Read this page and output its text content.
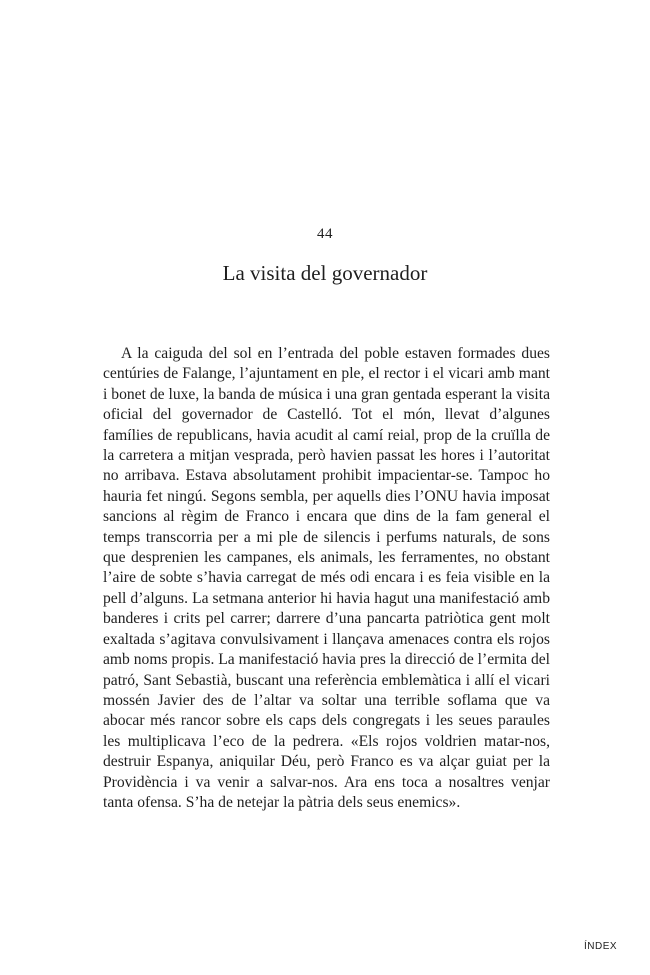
44
La visita del governador

A la caiguda del sol en l’entrada del poble estaven formades dues centúries de Falange, l’ajuntament en ple, el rector i el vicari amb mant i bonet de luxe, la banda de música i una gran gentada esperant la visita oficial del governador de Castelló. Tot el món, llevat d’algunes famílies de republicans, havia acudit al camí reial, prop de la cruïlla de la carretera a mitjan vesprada, però havien passat les hores i l’autoritat no arribava. Estava absolutament prohibit impacientar-se. Tampoc ho hauria fet ningú. Segons sembla, per aquells dies l’ONU havia imposat sancions al règim de Franco i encara que dins de la fam general el temps transcorria per a mi ple de silencis i perfums naturals, de sons que desprenien les campanes, els animals, les ferramentes, no obstant l’aire de sobte s’havia carregat de més odi encara i es feia visible en la pell d’alguns. La setmana anterior hi havia hagut una manifestació amb banderes i crits pel carrer; darrere d’una pancarta patriòtica gent molt exaltada s’agitava convulsivament i llançava amenaces contra els rojos amb noms propis. La manifestació havia pres la direcció de l’ermita del patró, Sant Sebastià, buscant una referència emblemàtica i allí el vicari mossén Javier des de l’altar va soltar una terrible soflama que va abocar més rancor sobre els caps dels congregats i les seues paraules les multiplicava l’eco de la pedrera. «Els rojos voldrien matar-nos, destruir Espanya, aniquilar Déu, però Franco es va alçar guiat per la Providència i va venir a salvar-nos. Ara ens toca a nosaltres venjar tanta ofensa. S’ha de netejar la pàtria dels seus enemics».

ÍNDEX
